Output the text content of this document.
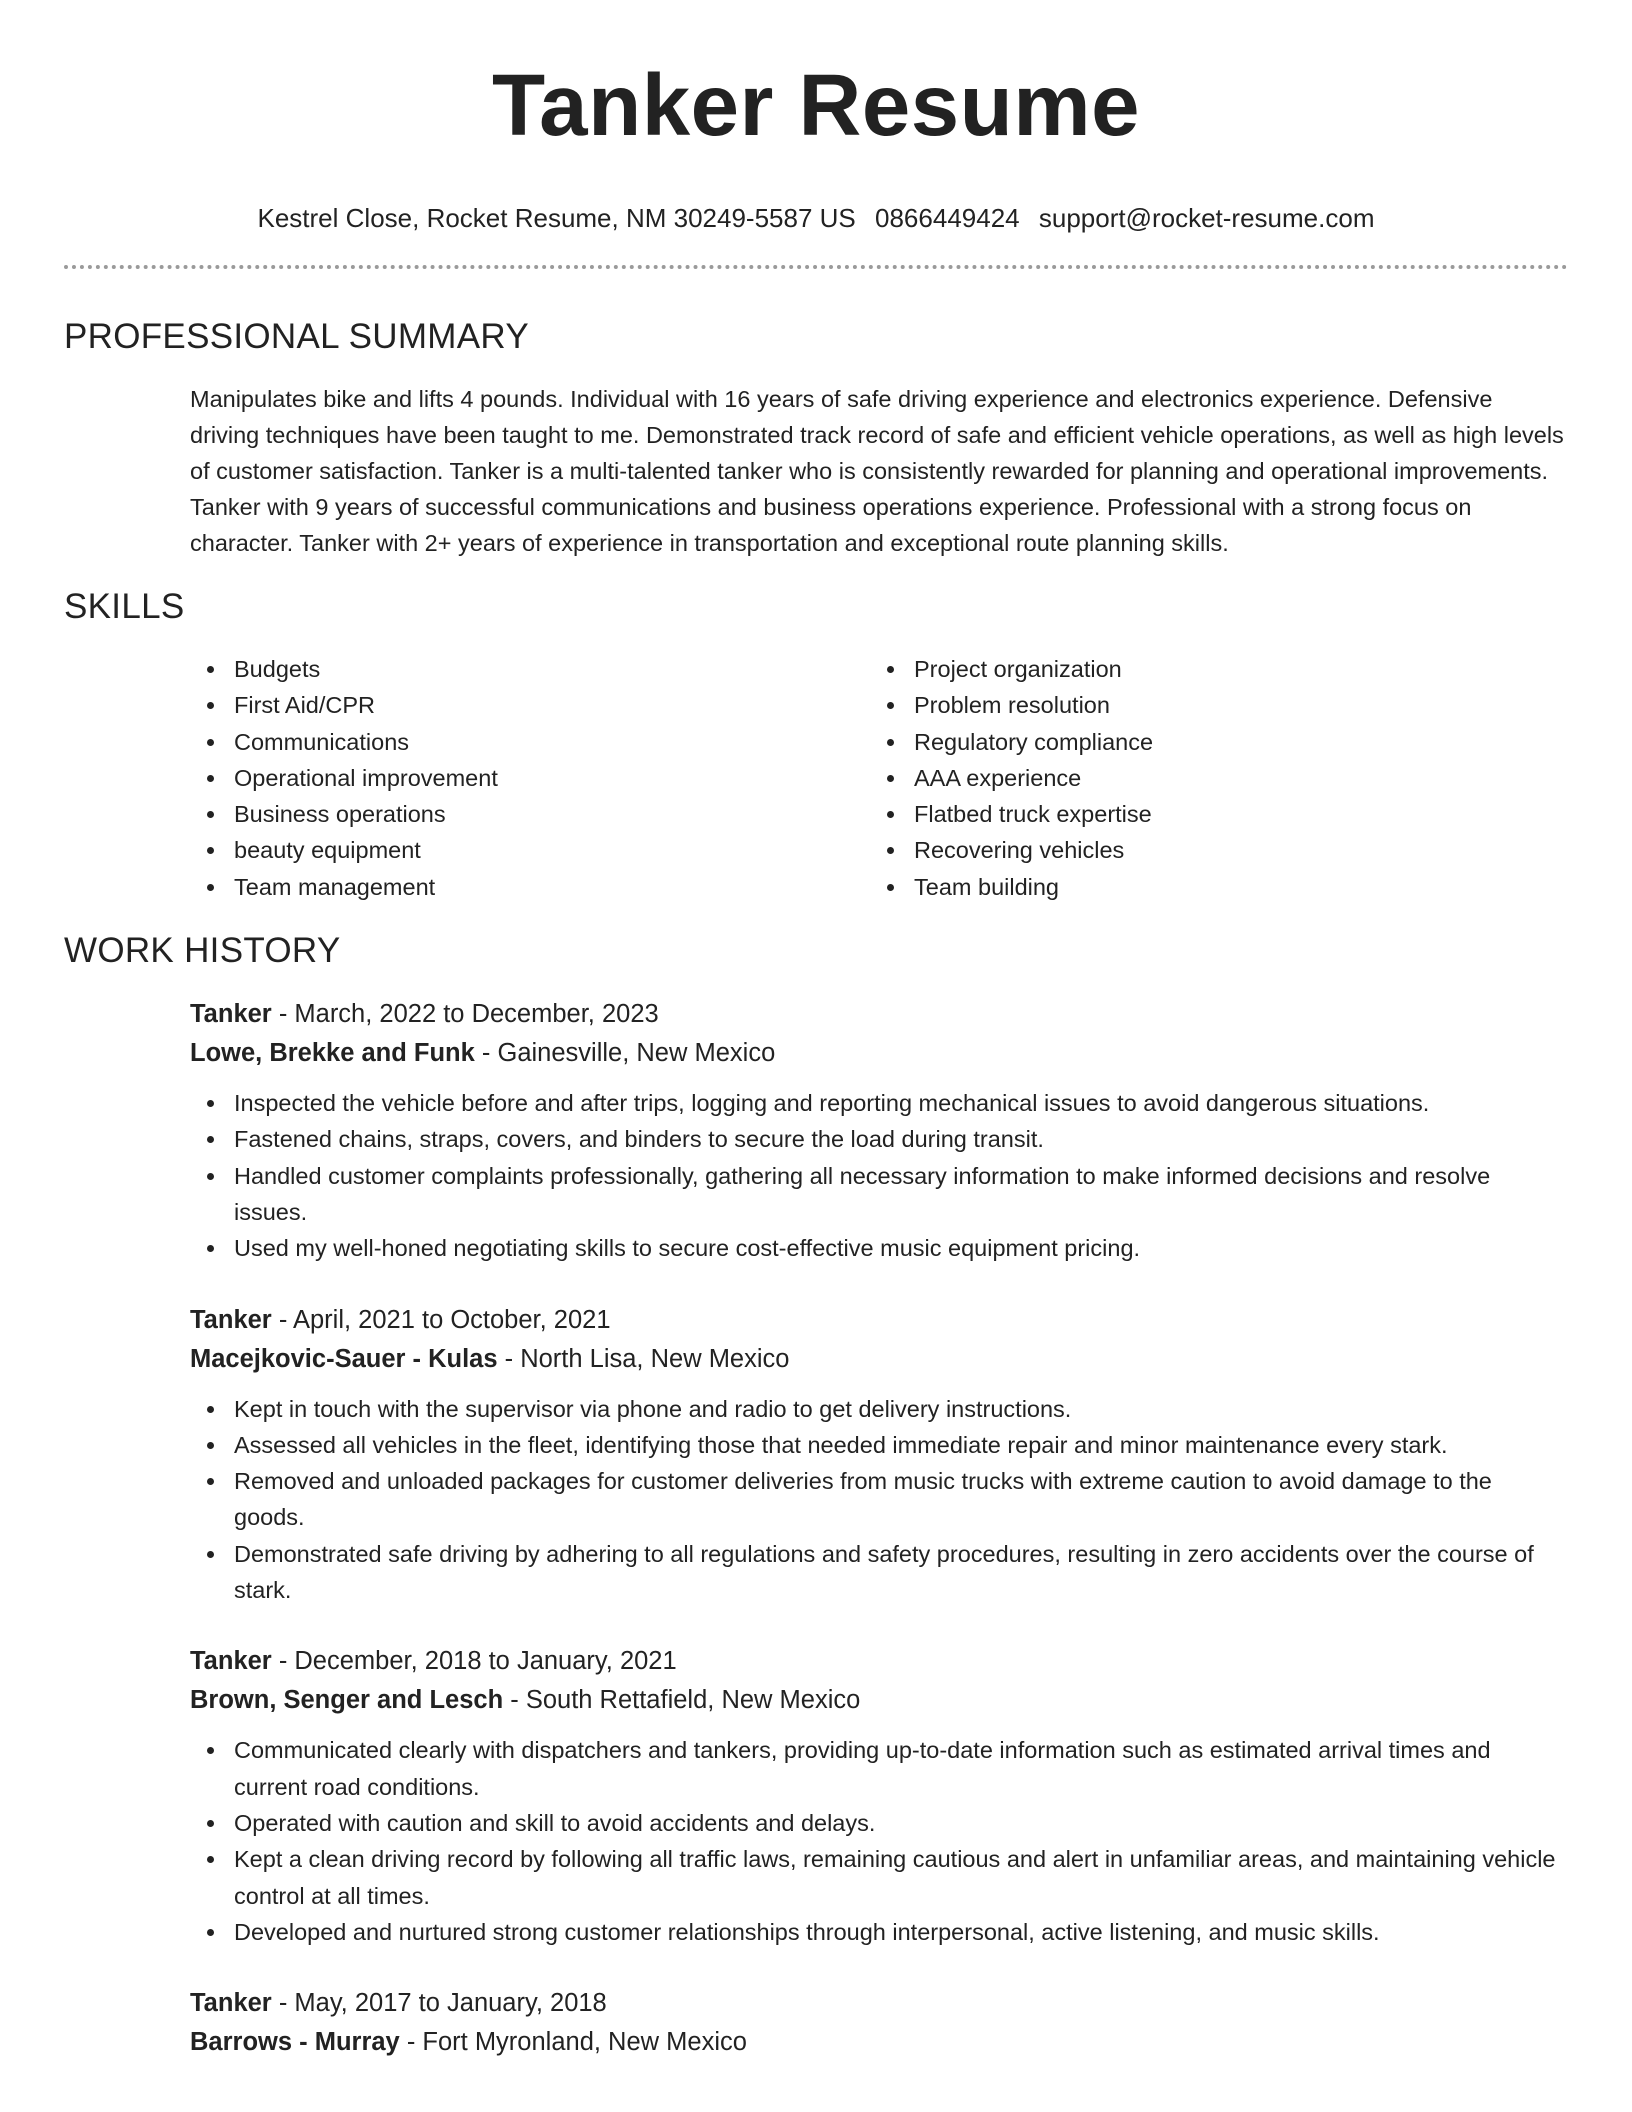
Tanker Resume
Kestrel Close, Rocket Resume, NM 30249-5587 US 0866449424 support@rocket-resume.com
PROFESSIONAL SUMMARY

Manipulates bike and lifts 4 pounds. Individual with 16 years of safe driving experience and electronics experience. Defensive driving techniques have been taught to me. Demonstrated track record of safe and efficient vehicle operations, as well as high levels of customer satisfaction. Tanker is a multi-talented tanker who is consistently rewarded for planning and operational improvements. Tanker with 9 years of successful communications and business operations experience. Professional with a strong focus on character. Tanker with 2+ years of experience in transportation and exceptional route planning skills.

SKILLS
Budgets
First Aid/CPR
Communications
Operational improvement
Business operations
beauty equipment
Team management
Project organization
Problem resolution
Regulatory compliance
AAA experience
Flatbed truck expertise
Recovering vehicles
Team building
WORK HISTORY
Tanker - March, 2022 to December, 2023
Lowe, Brekke and Funk - Gainesville, New Mexico
Inspected the vehicle before and after trips, logging and reporting mechanical issues to avoid dangerous situations.
Fastened chains, straps, covers, and binders to secure the load during transit.
Handled customer complaints professionally, gathering all necessary information to make informed decisions and resolve issues.
Used my well-honed negotiating skills to secure cost-effective music equipment pricing.
Tanker - April, 2021 to October, 2021
Macejkovic-Sauer - Kulas - North Lisa, New Mexico
Kept in touch with the supervisor via phone and radio to get delivery instructions.
Assessed all vehicles in the fleet, identifying those that needed immediate repair and minor maintenance every stark.
Removed and unloaded packages for customer deliveries from music trucks with extreme caution to avoid damage to the goods.
Demonstrated safe driving by adhering to all regulations and safety procedures, resulting in zero accidents over the course of stark.
Tanker - December, 2018 to January, 2021
Brown, Senger and Lesch - South Rettafield, New Mexico
Communicated clearly with dispatchers and tankers, providing up-to-date information such as estimated arrival times and current road conditions.
Operated with caution and skill to avoid accidents and delays.
Kept a clean driving record by following all traffic laws, remaining cautious and alert in unfamiliar areas, and maintaining vehicle control at all times.
Developed and nurtured strong customer relationships through interpersonal, active listening, and music skills.
Tanker - May, 2017 to January, 2018
Barrows - Murray - Fort Myronland, New Mexico
